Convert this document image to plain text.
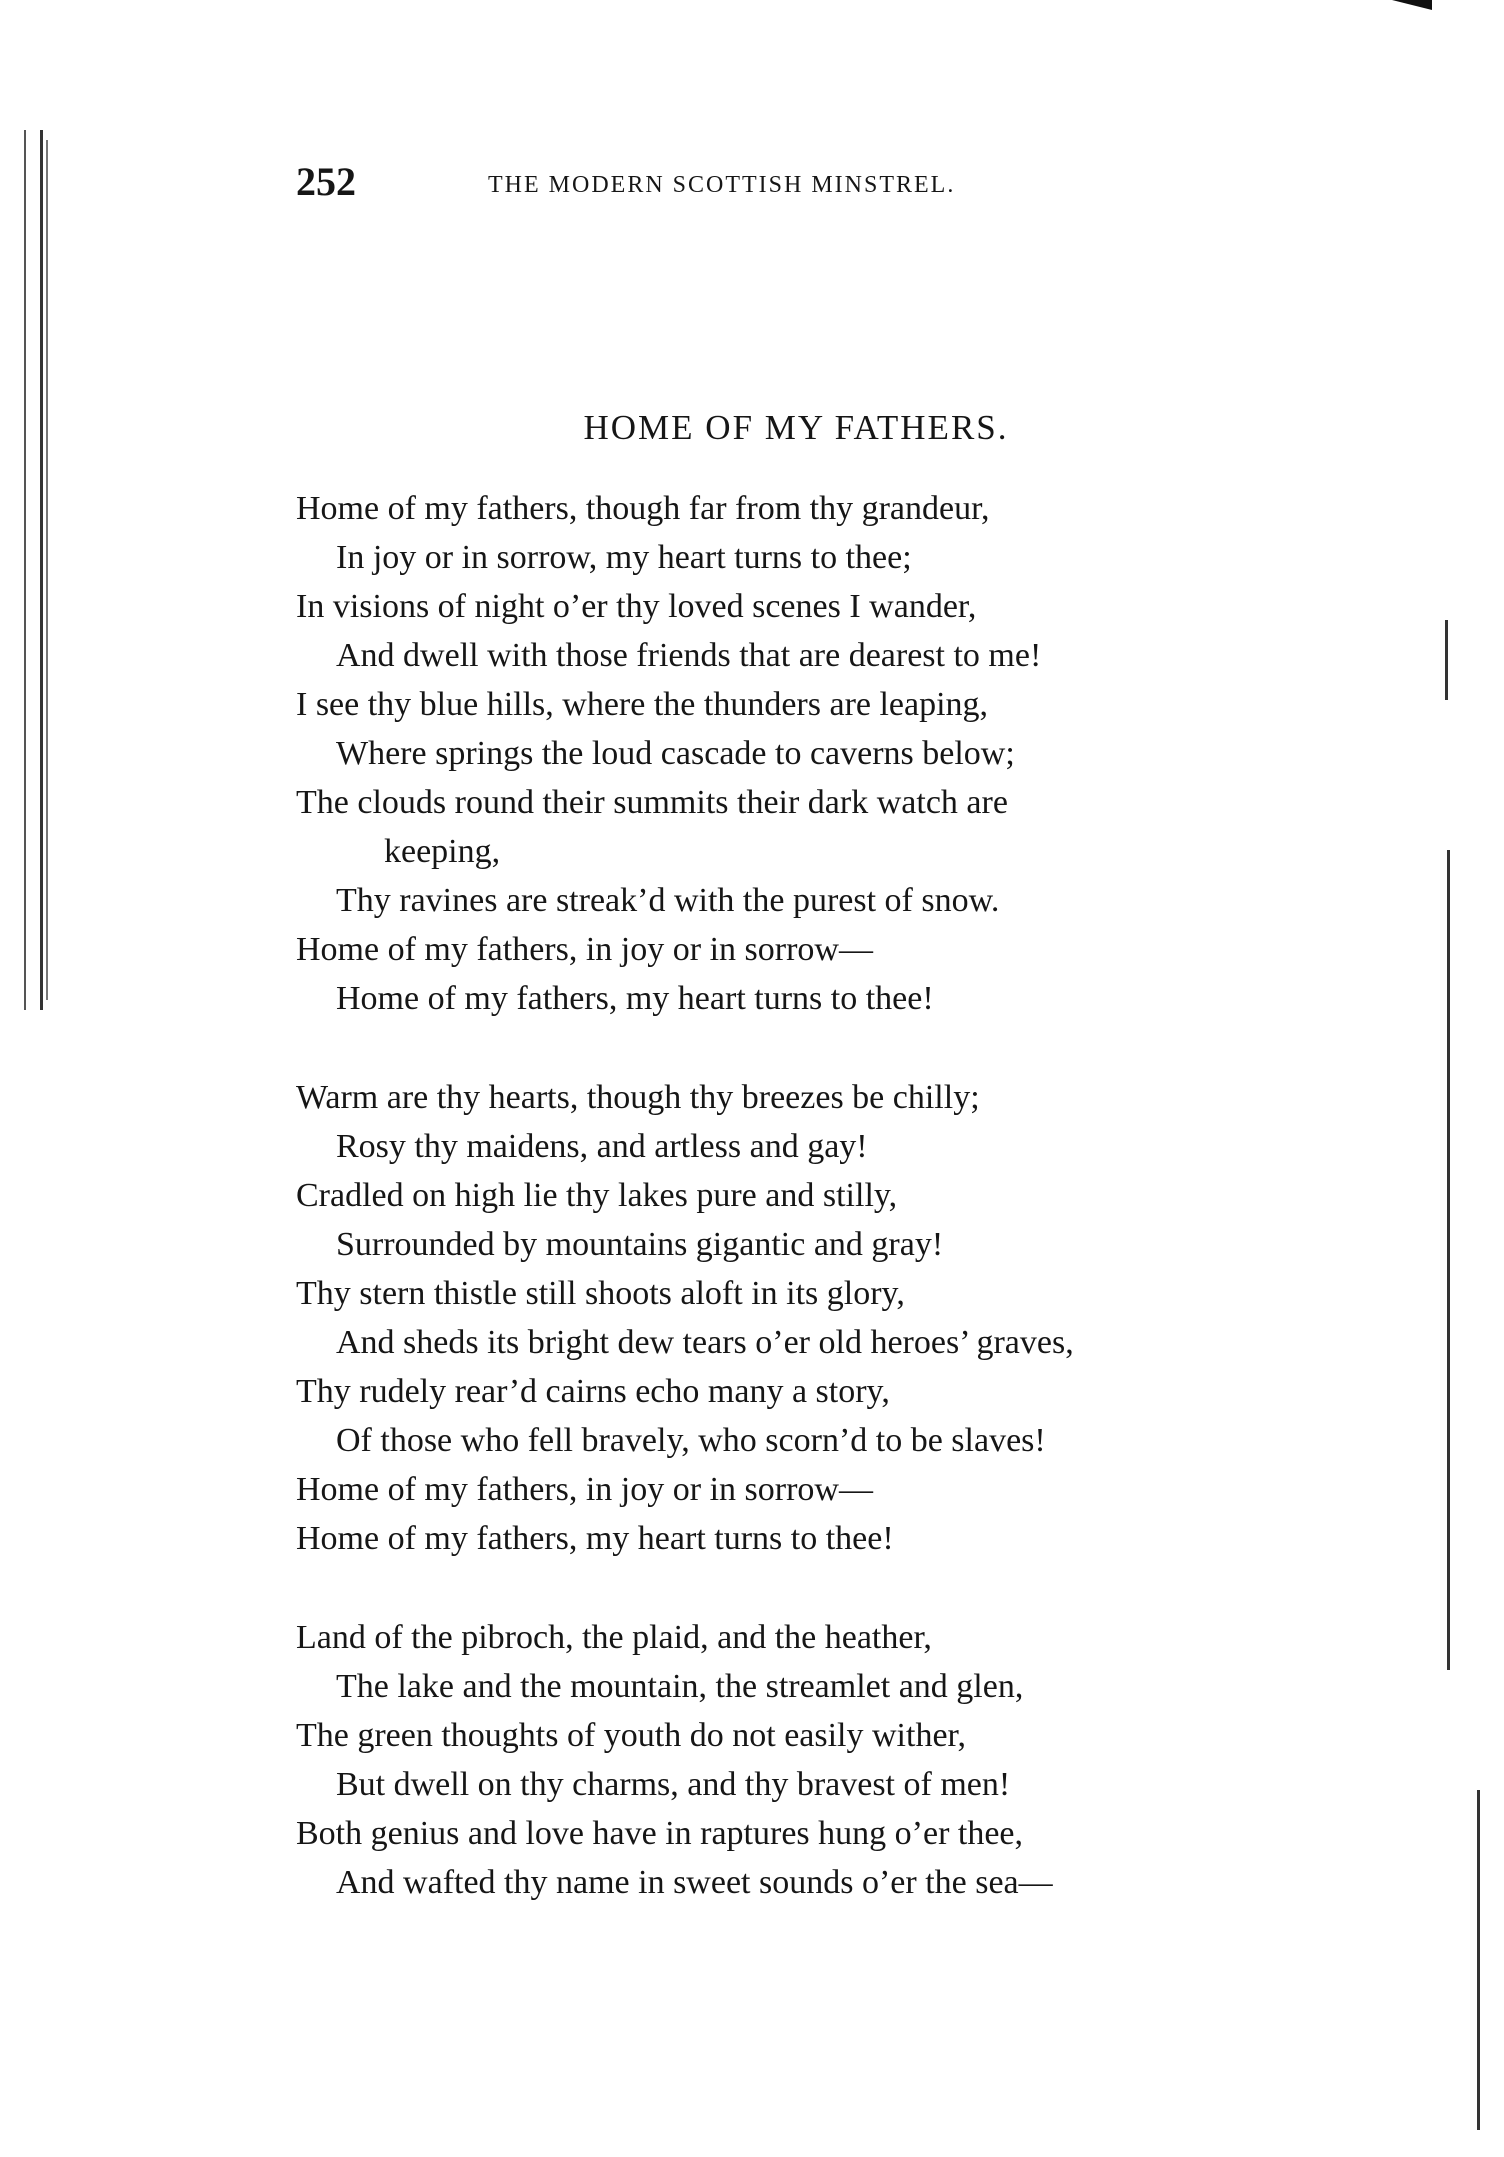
252	THE MODERN SCOTTISH MINSTREL.
HOME OF MY FATHERS.
Home of my fathers, though far from thy grandeur,
In joy or in sorrow, my heart turns to thee;
In visions of night o’er thy loved scenes I wander,
And dwell with those friends that are dearest to me!
I see thy blue hills, where the thunders are leaping,
Where springs the loud cascade to caverns below;
The clouds round their summits their dark watch are
keeping,
Thy ravines are streak’d with the purest of snow.
Home of my fathers, in joy or in sorrow—
Home of my fathers, my heart turns to thee!
Warm are thy hearts, though thy breezes be chilly;
Rosy thy maidens, and artless and gay!
Cradled on high lie thy lakes pure and stilly,
Surrounded by mountains gigantic and gray!
Thy stern thistle still shoots aloft in its glory,
And sheds its bright dew tears o’er old heroes’ graves,
Thy rudely rear’d cairns echo many a story,
Of those who fell bravely, who scorn’d to be slaves!
Home of my fathers, in joy or in sorrow—
Home of my fathers, my heart turns to thee!
Land of the pibroch, the plaid, and the heather,
The lake and the mountain, the streamlet and glen,
The green thoughts of youth do not easily wither,
But dwell on thy charms, and thy bravest of men!
Both genius and love have in raptures hung o’er thee,
And wafted thy name in sweet sounds o’er the sea—
